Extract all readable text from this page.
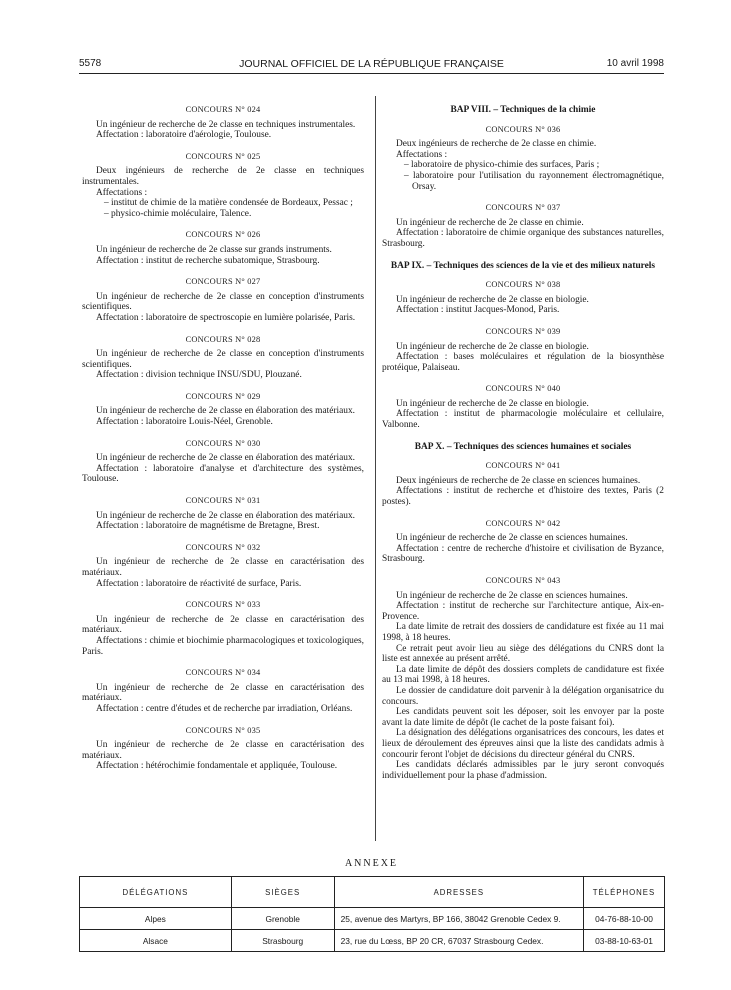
5578	JOURNAL OFFICIEL DE LA RÉPUBLIQUE FRANÇAISE	10 avril 1998
CONCOURS N° 024

Un ingénieur de recherche de 2e classe en techniques instrumentales.

Affectation : laboratoire d'aérologie, Toulouse.

CONCOURS N° 025

Deux ingénieurs de recherche de 2e classe en techniques instrumentales.

Affectations :

– institut de chimie de la matière condensée de Bordeaux, Pessac ;

– physico-chimie moléculaire, Talence.

CONCOURS N° 026

Un ingénieur de recherche de 2e classe sur grands instruments.

Affectation : institut de recherche subatomique, Strasbourg.

CONCOURS N° 027

Un ingénieur de recherche de 2e classe en conception d'instruments scientifiques.

Affectation : laboratoire de spectroscopie en lumière polarisée, Paris.

CONCOURS N° 028

Un ingénieur de recherche de 2e classe en conception d'instruments scientifiques.

Affectation : division technique INSU/SDU, Plouzané.

CONCOURS N° 029

Un ingénieur de recherche de 2e classe en élaboration des matériaux.

Affectation : laboratoire Louis-Néel, Grenoble.

CONCOURS N° 030

Un ingénieur de recherche de 2e classe en élaboration des matériaux.

Affectation : laboratoire d'analyse et d'architecture des systèmes, Toulouse.

CONCOURS N° 031

Un ingénieur de recherche de 2e classe en élaboration des matériaux.

Affectation : laboratoire de magnétisme de Bretagne, Brest.

CONCOURS N° 032

Un ingénieur de recherche de 2e classe en caractérisation des matériaux.

Affectation : laboratoire de réactivité de surface, Paris.

CONCOURS N° 033

Un ingénieur de recherche de 2e classe en caractérisation des matériaux.

Affectations : chimie et biochimie pharmacologiques et toxicologiques, Paris.

CONCOURS N° 034

Un ingénieur de recherche de 2e classe en caractérisation des matériaux.

Affectation : centre d'études et de recherche par irradiation, Orléans.

CONCOURS N° 035

Un ingénieur de recherche de 2e classe en caractérisation des matériaux.

Affectation : hétérochimie fondamentale et appliquée, Toulouse.

BAP VIII. – Techniques de la chimie
CONCOURS N° 036

Deux ingénieurs de recherche de 2e classe en chimie.

Affectations :

– laboratoire de physico-chimie des surfaces, Paris ;

– laboratoire pour l'utilisation du rayonnement électromagnétique, Orsay.

CONCOURS N° 037

Un ingénieur de recherche de 2e classe en chimie.

Affectation : laboratoire de chimie organique des substances naturelles, Strasbourg.

BAP IX. – Techniques des sciences de la vie et des milieux naturels
CONCOURS N° 038

Un ingénieur de recherche de 2e classe en biologie.

Affectation : institut Jacques-Monod, Paris.

CONCOURS N° 039

Un ingénieur de recherche de 2e classe en biologie.

Affectation : bases moléculaires et régulation de la biosynthèse protéique, Palaiseau.

CONCOURS N° 040

Un ingénieur de recherche de 2e classe en biologie.

Affectation : institut de pharmacologie moléculaire et cellulaire, Valbonne.

BAP X. – Techniques des sciences humaines et sociales
CONCOURS N° 041

Deux ingénieurs de recherche de 2e classe en sciences humaines.

Affectations : institut de recherche et d'histoire des textes, Paris (2 postes).

CONCOURS N° 042

Un ingénieur de recherche de 2e classe en sciences humaines.

Affectation : centre de recherche d'histoire et civilisation de Byzance, Strasbourg.

CONCOURS N° 043

Un ingénieur de recherche de 2e classe en sciences humaines.

Affectation : institut de recherche sur l'architecture antique, Aix-en-Provence.

La date limite de retrait des dossiers de candidature est fixée au 11 mai 1998, à 18 heures.

Ce retrait peut avoir lieu au siège des délégations du CNRS dont la liste est annexée au présent arrêté.

La date limite de dépôt des dossiers complets de candidature est fixée au 13 mai 1998, à 18 heures.

Le dossier de candidature doit parvenir à la délégation organisatrice du concours.

Les candidats peuvent soit les déposer, soit les envoyer par la poste avant la date limite de dépôt (le cachet de la poste faisant foi).

La désignation des délégations organisatrices des concours, les dates et lieux de déroulement des épreuves ainsi que la liste des candidats admis à concourir feront l'objet de décisions du directeur général du CNRS.

Les candidats déclarés admissibles par le jury seront convoqués individuellement pour la phase d'admission.

ANNEXE
DÉLÉGATIONS	SIÈGES	ADRESSES	TÉLÉPHONES
Alpes	Grenoble	25, avenue des Martyrs, BP 166, 38042 Grenoble Cedex 9.	04-76-88-10-00
Alsace	Strasbourg	23, rue du Lœss, BP 20 CR, 67037 Strasbourg Cedex.	03-88-10-63-01
